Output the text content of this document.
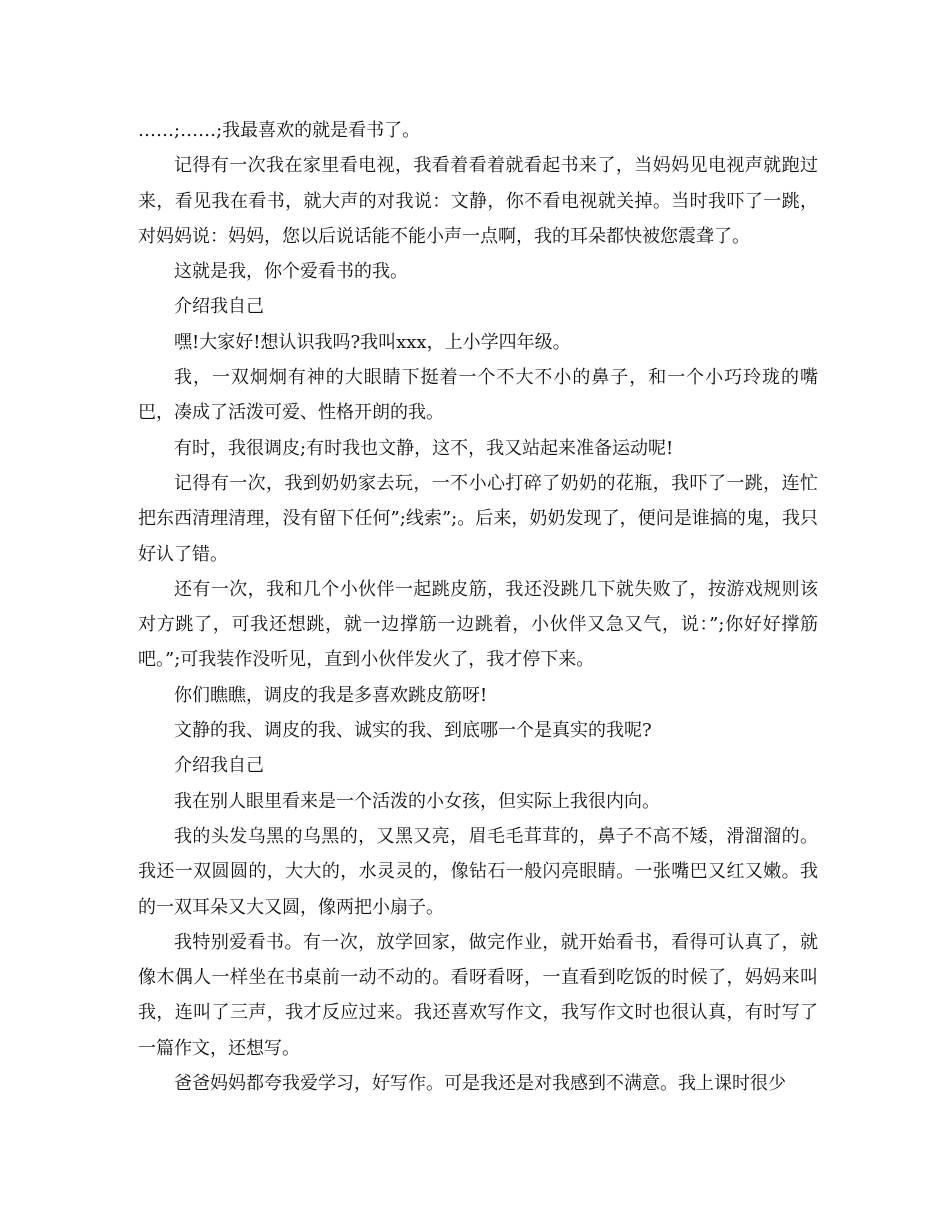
……;……;我最喜欢的就是看书了。

记得有一次我在家里看电视，我看着看着就看起书来了，当妈妈见电视声就跑过来，看见我在看书，就大声的对我说：文静，你不看电视就关掉。当时我吓了一跳，对妈妈说：妈妈，您以后说话能不能小声一点啊，我的耳朵都快被您震聋了。

这就是我，你个爱看书的我。

介绍我自己

嘿!大家好!想认识我吗?我叫xxx，上小学四年级。

我，一双炯炯有神的大眼睛下挺着一个不大不小的鼻子，和一个小巧玲珑的嘴巴，凑成了活泼可爱、性格开朗的我。

有时，我很调皮;有时我也文静，这不，我又站起来准备运动呢!

记得有一次，我到奶奶家去玩，一不小心打碎了奶奶的花瓶，我吓了一跳，连忙把东西清理清理，没有留下任何”;线索”;。后来，奶奶发现了，便问是谁搞的鬼，我只好认了错。

还有一次，我和几个小伙伴一起跳皮筋，我还没跳几下就失败了，按游戏规则该对方跳了，可我还想跳，就一边撑筋一边跳着，小伙伴又急又气，说：”;你好好撑筋吧。”;可我装作没听见，直到小伙伴发火了，我才停下来。

你们瞧瞧，调皮的我是多喜欢跳皮筋呀!

文静的我、调皮的我、诚实的我、到底哪一个是真实的我呢?

介绍我自己

我在别人眼里看来是一个活泼的小女孩，但实际上我很内向。

我的头发乌黑的乌黑的，又黑又亮，眉毛毛茸茸的，鼻子不高不矮，滑溜溜的。我还一双圆圆的，大大的，水灵灵的，像钻石一般闪亮眼睛。一张嘴巴又红又嫩。我的一双耳朵又大又圆，像两把小扇子。

我特别爱看书。有一次，放学回家，做完作业，就开始看书，看得可认真了，就像木偶人一样坐在书桌前一动不动的。看呀看呀，一直看到吃饭的时候了，妈妈来叫我，连叫了三声，我才反应过来。我还喜欢写作文，我写作文时也很认真，有时写了一篇作文，还想写。

爸爸妈妈都夸我爱学习，好写作。可是我还是对我感到不满意。我上课时很少
